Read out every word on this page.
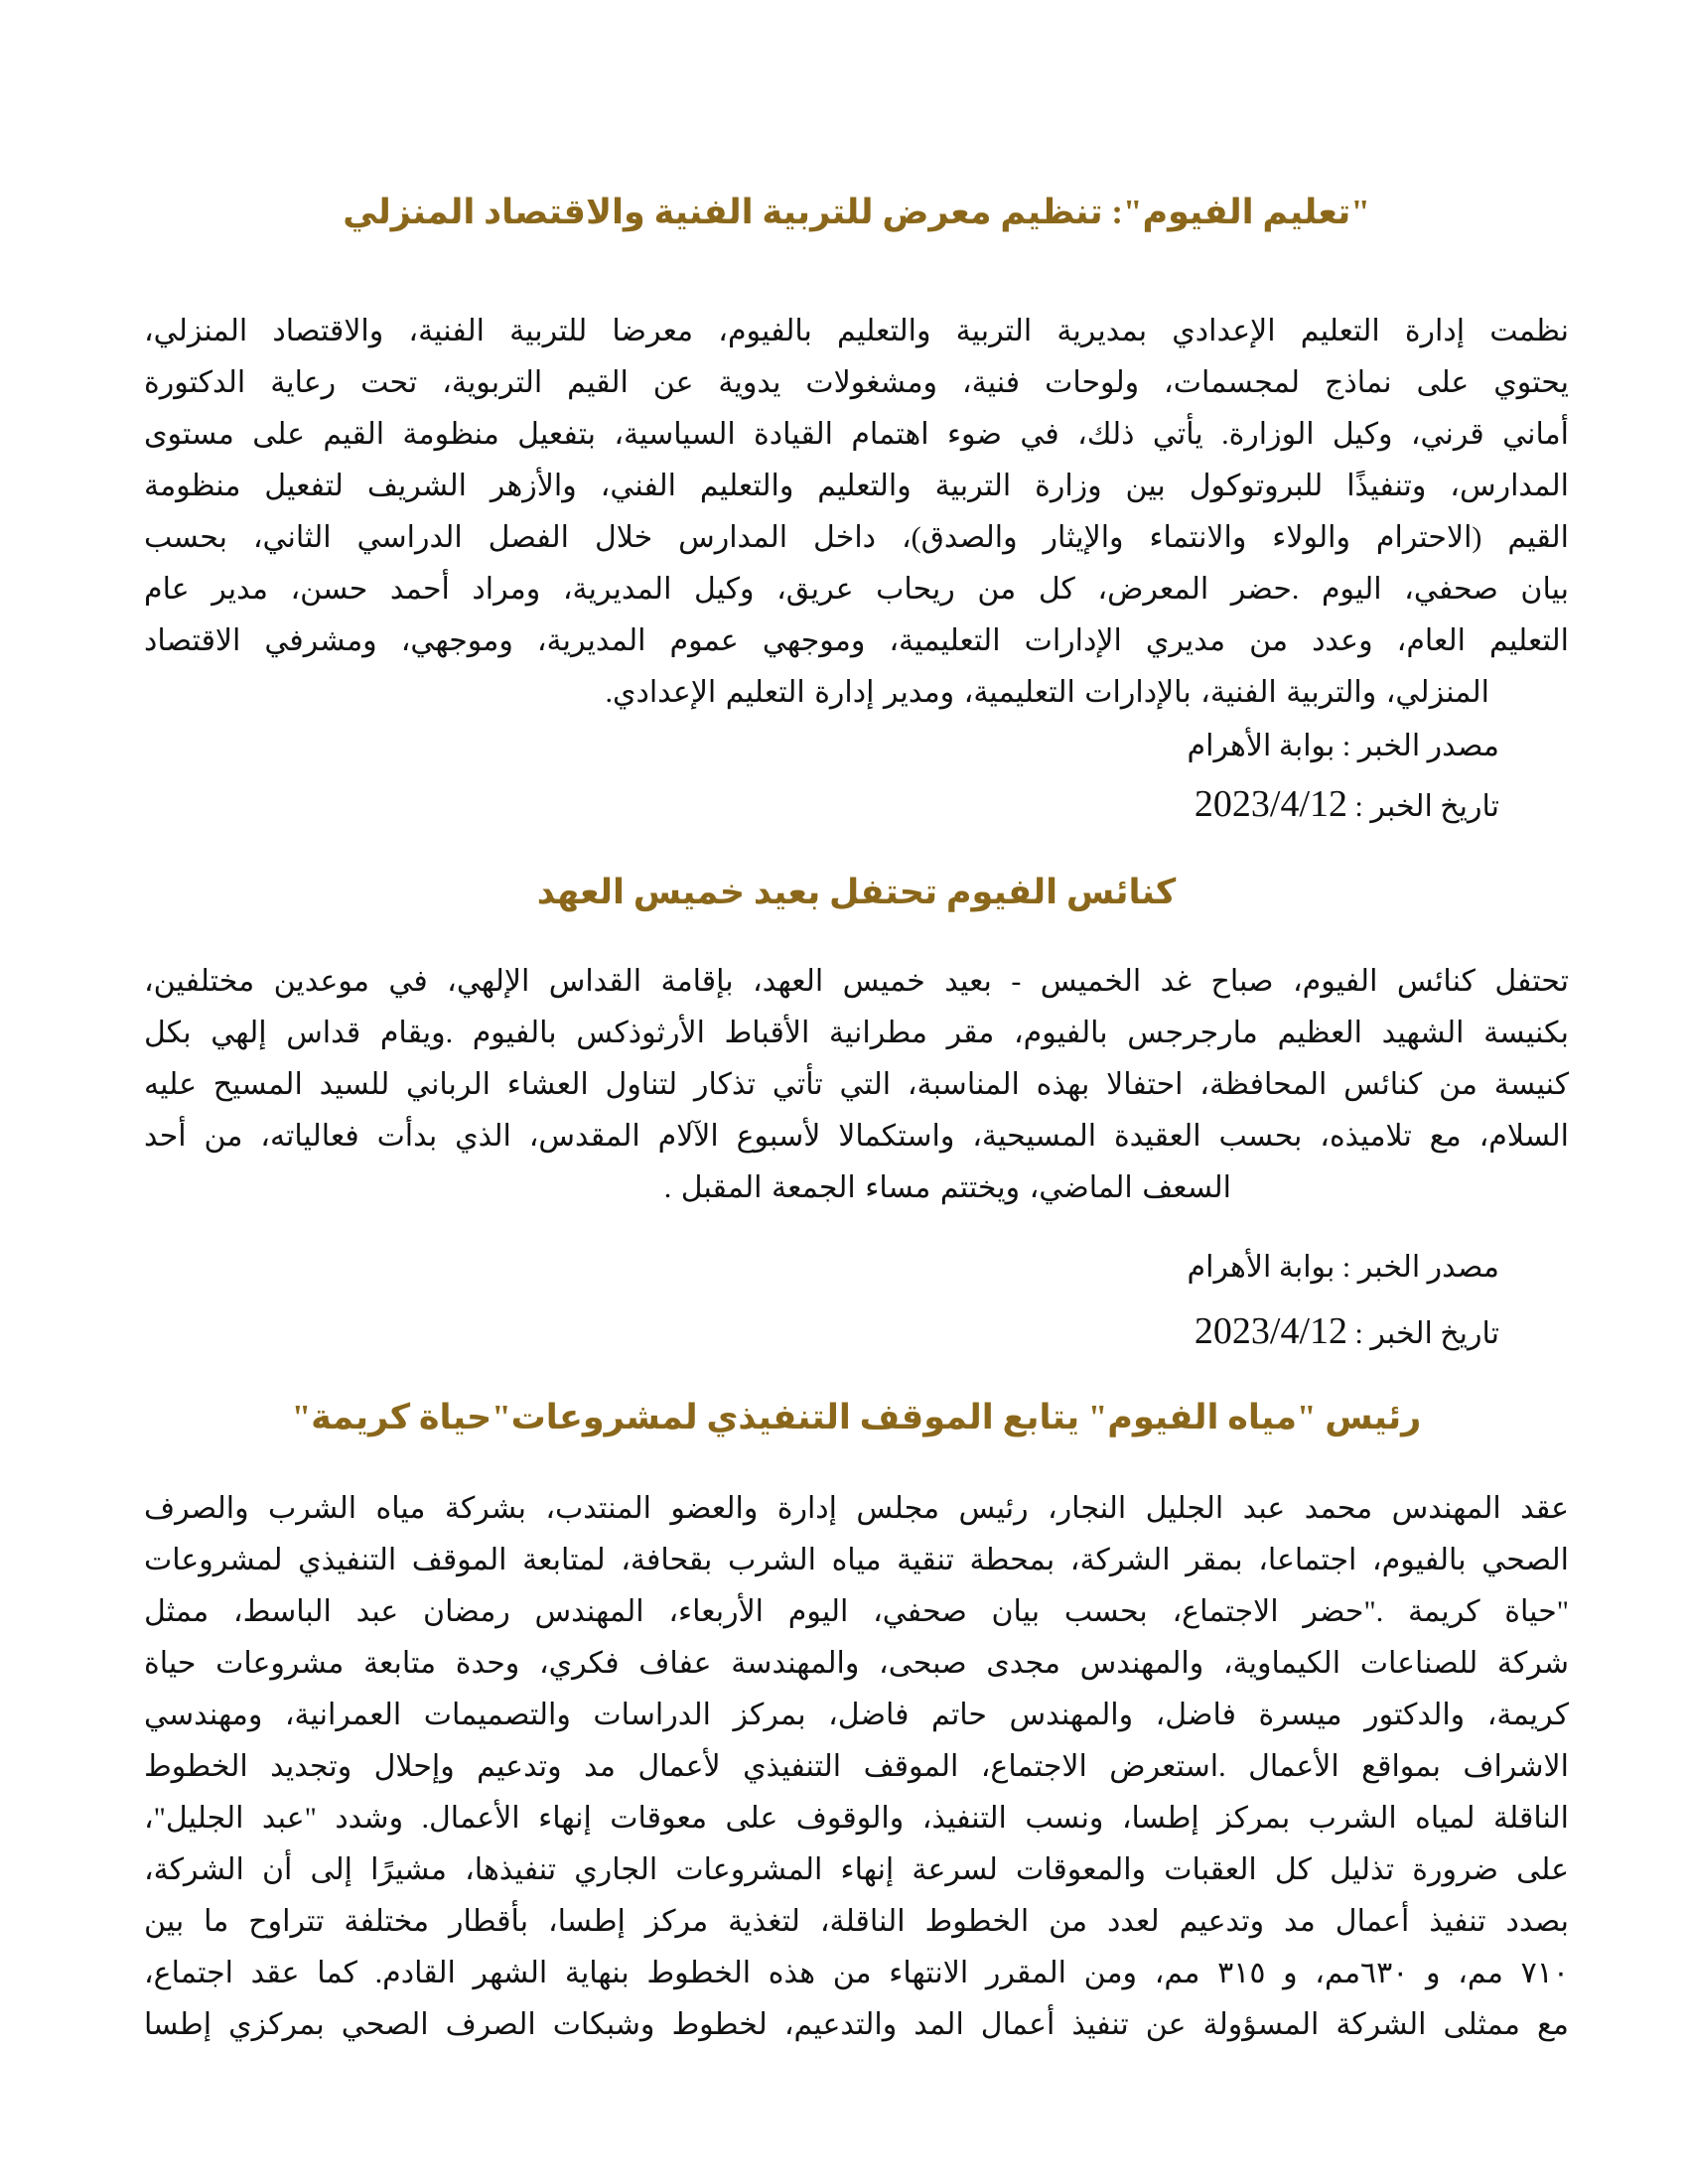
"تعليم الفيوم": تنظيم معرض للتربية الفنية والاقتصاد المنزلي
نظمت إدارة التعليم الإعدادي بمديرية التربية والتعليم بالفيوم، معرضا للتربية الفنية، والاقتصاد المنزلي،
يحتوي على نماذج لمجسمات، ولوحات فنية، ومشغولات يدوية عن القيم التربوية، تحت رعاية الدكتورة
أماني قرني، وكيل الوزارة. يأتي ذلك، في ضوء اهتمام القيادة السياسية، بتفعيل منظومة القيم على مستوى
المدارس، وتنفيذًا للبروتوكول بين وزارة التربية والتعليم والتعليم الفني، والأزهر الشريف لتفعيل منظومة
القيم (الاحترام والولاء والانتماء والإيثار والصدق)، داخل المدارس خلال الفصل الدراسي الثاني، بحسب
بيان صحفي، اليوم .حضر المعرض، كل من ريحاب عريق، وكيل المديرية، ومراد أحمد حسن، مدير عام
التعليم العام، وعدد من مديري الإدارات التعليمية، وموجهي عموم المديرية، وموجهي، ومشرفي الاقتصاد
المنزلي، والتربية الفنية، بالإدارات التعليمية، ومدير إدارة التعليم الإعدادي.
مصدر الخبر : بوابة الأهرام
تاريخ الخبر : 2023/4/12
كنائس الفيوم تحتفل بعيد خميس العهد
تحتفل كنائس الفيوم، صباح غد الخميس - بعيد خميس العهد، بإقامة القداس الإلهي، في موعدين مختلفين،
بكنيسة الشهيد العظيم مارجرجس بالفيوم، مقر مطرانية الأقباط الأرثوذكس بالفيوم .ويقام قداس إلهي بكل
كنيسة من كنائس المحافظة، احتفالا بهذه المناسبة، التي تأتي تذكار لتناول العشاء الرباني للسيد المسيح عليه
السلام، مع تلاميذه، بحسب العقيدة المسيحية، واستكمالا لأسبوع الآلام المقدس، الذي بدأت فعالياته، من أحد
السعف الماضي، ويختتم مساء الجمعة المقبل .
مصدر الخبر : بوابة الأهرام
تاريخ الخبر : 2023/4/12
رئيس "مياه الفيوم" يتابع الموقف التنفيذي لمشروعات"حياة كريمة"
عقد المهندس محمد عبد الجليل النجار، رئيس مجلس إدارة والعضو المنتدب، بشركة مياه الشرب والصرف
الصحي بالفيوم، اجتماعا، بمقر الشركة، بمحطة تنقية مياه الشرب بقحافة، لمتابعة الموقف التنفيذي لمشروعات
"حياة كريمة ."حضر الاجتماع، بحسب بيان صحفي، اليوم الأربعاء، المهندس رمضان عبد الباسط، ممثل
شركة للصناعات الكيماوية، والمهندس مجدى صبحى، والمهندسة عفاف فكري، وحدة متابعة مشروعات حياة
كريمة، والدكتور ميسرة فاضل، والمهندس حاتم فاضل، بمركز الدراسات والتصميمات العمرانية، ومهندسي
الاشراف بمواقع الأعمال .استعرض الاجتماع، الموقف التنفيذي لأعمال مد وتدعيم وإحلال وتجديد الخطوط
الناقلة لمياه الشرب بمركز إطسا، ونسب التنفيذ، والوقوف على معوقات إنهاء الأعمال. وشدد "عبد الجليل"،
على ضرورة تذليل كل العقبات والمعوقات لسرعة إنهاء المشروعات الجاري تنفيذها، مشيرًا إلى أن الشركة،
بصدد تنفيذ أعمال مد وتدعيم لعدد من الخطوط الناقلة، لتغذية مركز إطسا، بأقطار مختلفة تتراوح ما بين
٧١٠ مم، و ٦٣٠مم، و ٣١٥ مم، ومن المقرر الانتهاء من هذه الخطوط بنهاية الشهر القادم. كما عقد اجتماع،
مع ممثلى الشركة المسؤولة عن تنفيذ أعمال المد والتدعيم، لخطوط وشبكات الصرف الصحي بمركزي إطسا
